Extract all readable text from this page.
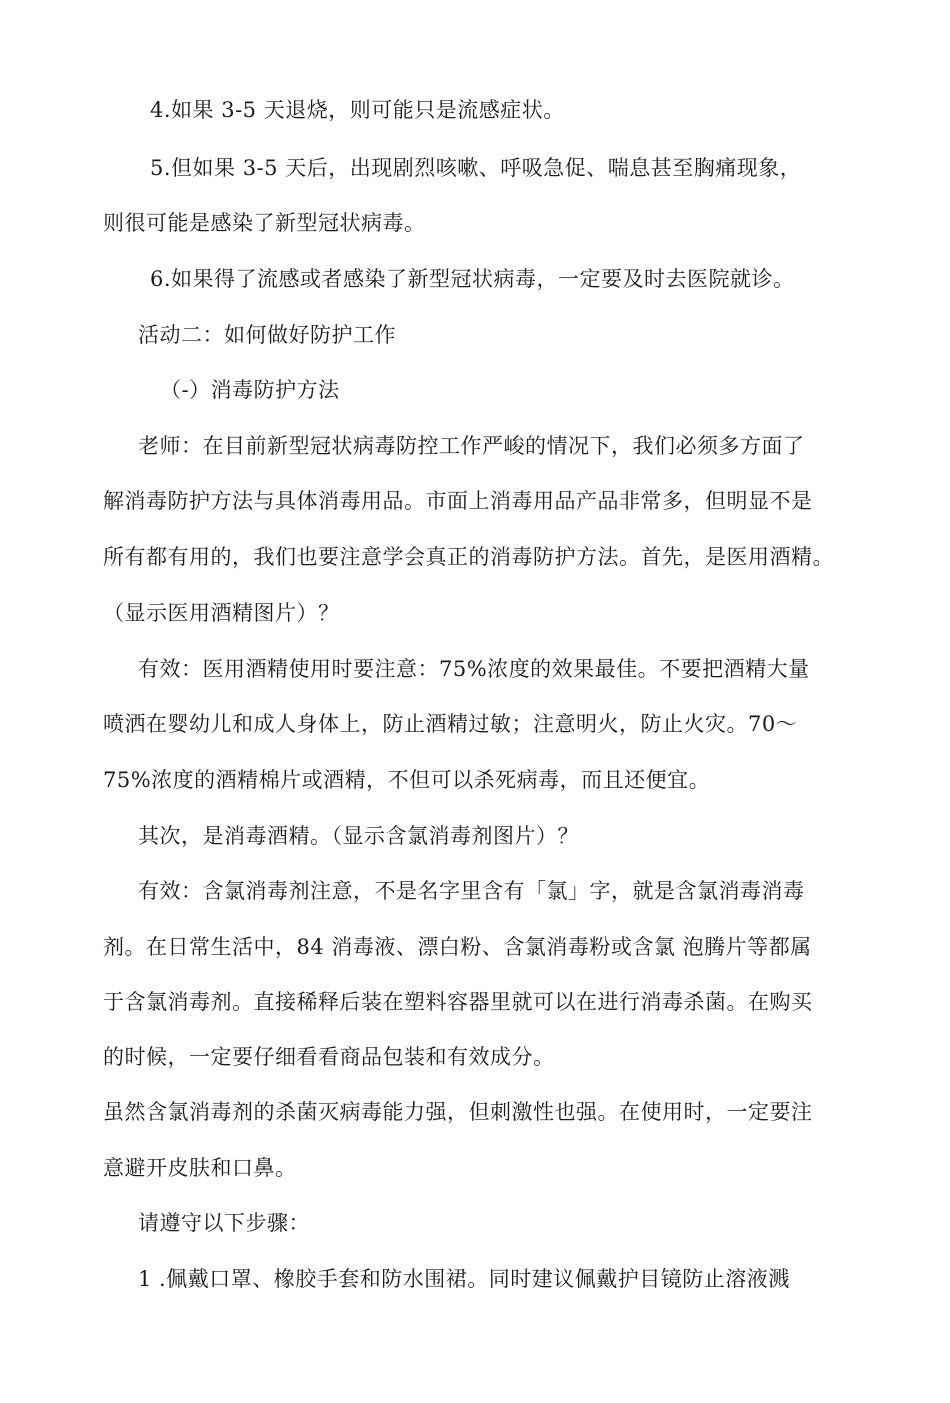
4.如果 3-5 天退烧，则可能只是流感症状。
5.但如果 3-5 天后，出现剧烈咳嗽、呼吸急促、喘息甚至胸痛现象，
则很可能是感染了新型冠状病毒。
6.如果得了流感或者感染了新型冠状病毒，一定要及时去医院就诊。
活动二：如何做好防护工作
（-）消毒防护方法
老师：在目前新型冠状病毒防控工作严峻的情况下，我们必须多方面了
解消毒防护方法与具体消毒用品。市面上消毒用品产品非常多，但明显不是
所有都有用的，我们也要注意学会真正的消毒防护方法。首先，是医用酒精。
（显示医用酒精图片）？
有效：医用酒精使用时要注意：75%浓度的效果最佳。不要把酒精大量
喷洒在婴幼儿和成人身体上，防止酒精过敏；注意明火，防止火灾。70〜
75%浓度的酒精棉片或酒精，不但可以杀死病毒，而且还便宜。
其次，是消毒酒精。（显示含氯消毒剂图片）？
有效：含氯消毒剂注意，不是名字里含有「氯」字，就是含氯消毒消毒
剂。在日常生活中，84 消毒液、漂白粉、含氯消毒粉或含氯 泡腾片等都属
于含氯消毒剂。直接稀释后装在塑料容器里就可以在进行消毒杀菌。在购买
的时候，一定要仔细看看商品包装和有效成分。
虽然含氯消毒剂的杀菌灭病毒能力强，但刺激性也强。在使用时，一定要注
意避开皮肤和口鼻。
请遵守以下步骤：
1 .佩戴口罩、橡胶手套和防水围裙。同时建议佩戴护目镜防止溶液溅
